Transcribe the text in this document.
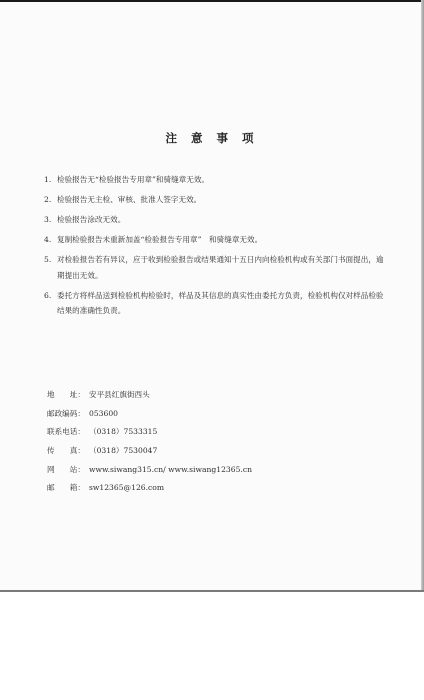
注 意 事 项
1. 检验报告无“检验报告专用章”和骑缝章无效。
2. 检验报告无主检、审核、批准人签字无效。
3. 检验报告涂改无效。
4. 复制检验报告未重新加盖“检验报告专用章”　和骑缝章无效。
5. 对检验报告若有异议，应于收到检验报告或结果通知十五日内向检验机构或有关部门书面提出，逾期提出无效。
6. 委托方将样品送到检验机构检验时，样品及其信息的真实性由委托方负责，检验机构仅对样品检验结果的准确性负责。
地　　址： 安平县红旗街西头
邮政编码： 053600
联系电话： （0318）7533315
传　　真： （0318）7530047
网　　站： www.siwang315.cn/ www.siwang12365.cn
邮　　箱： sw12365@126.com
